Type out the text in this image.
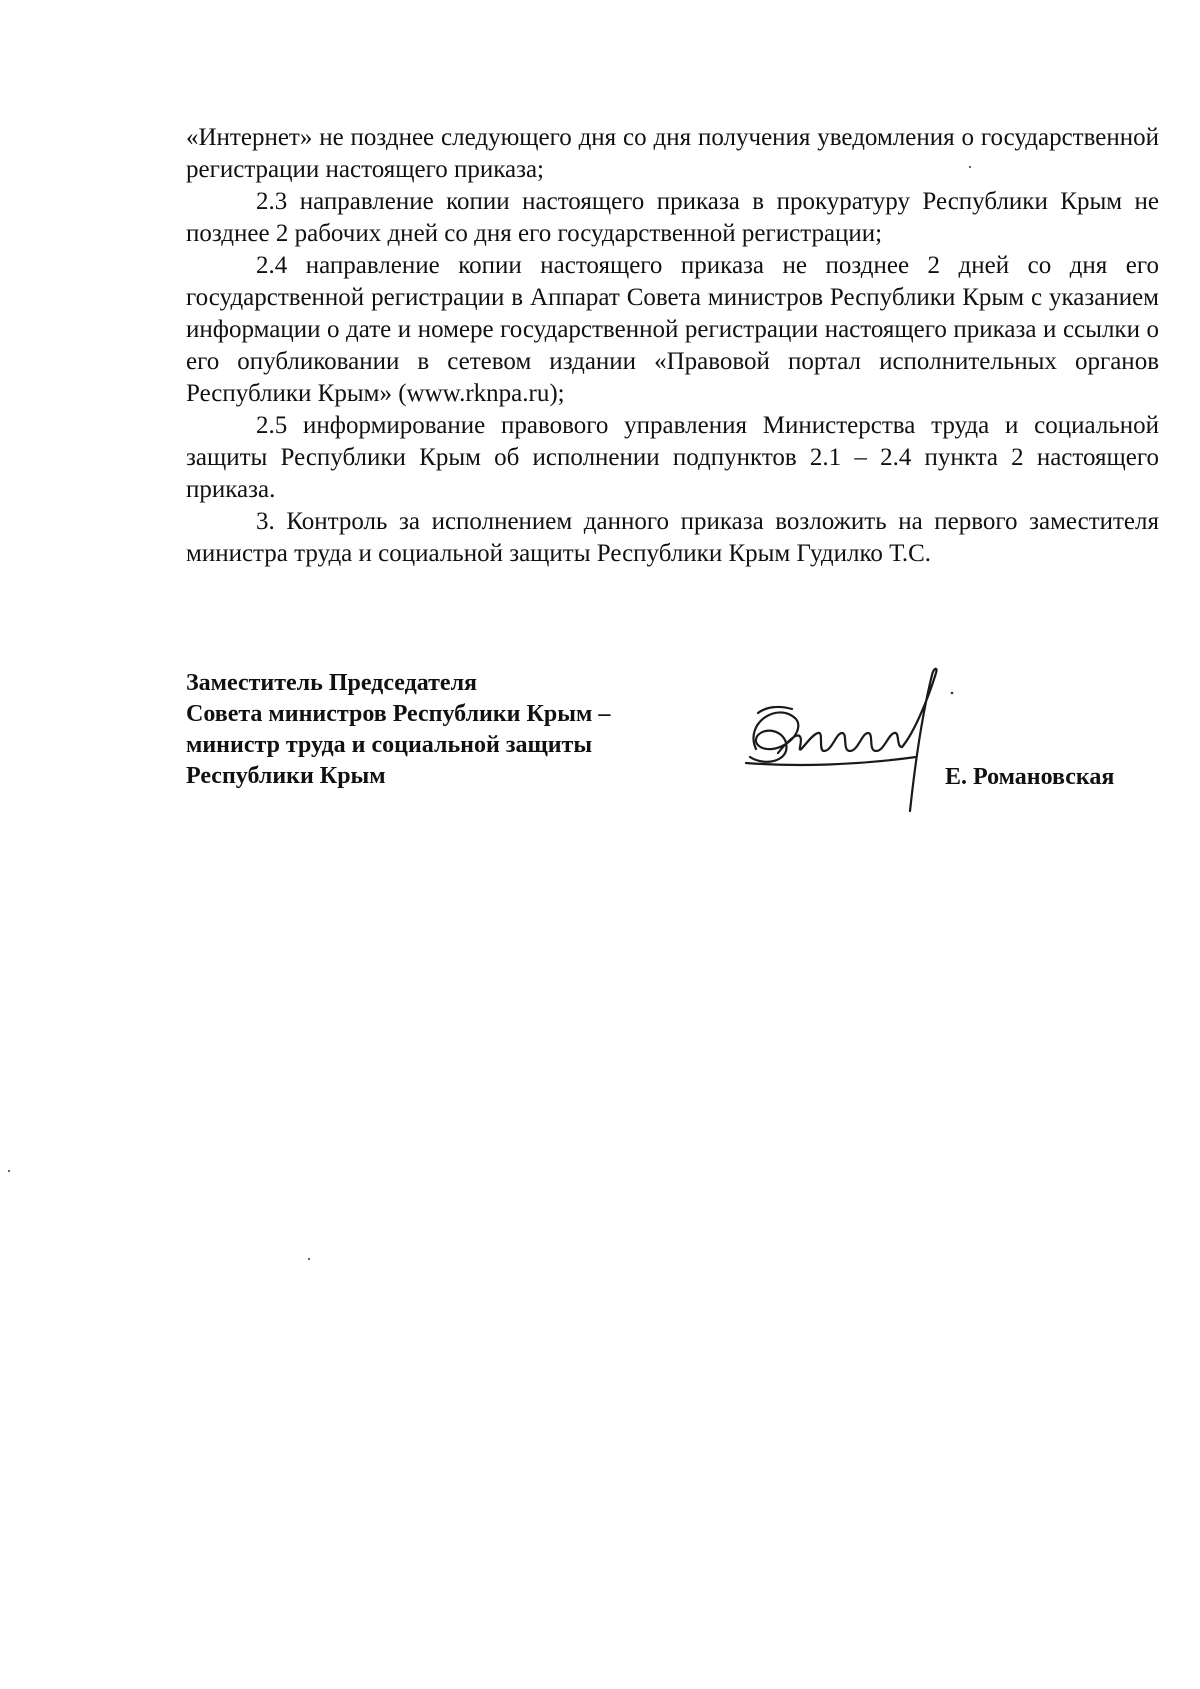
«Интернет» не позднее следующего дня со дня получения уведомления о государственной регистрации настоящего приказа;

2.3 направление копии настоящего приказа в прокуратуру Республики Крым не позднее 2 рабочих дней со дня его государственной регистрации;

2.4 направление копии настоящего приказа не позднее 2 дней со дня его государственной регистрации в Аппарат Совета министров Республики Крым с указанием информации о дате и номере государственной регистрации настоящего приказа и ссылки о его опубликовании в сетевом издании «Правовой портал исполнительных органов Республики Крым» (www.rknpa.ru);

2.5 информирование правового управления Министерства труда и социальной защиты Республики Крым об исполнении подпунктов 2.1 – 2.4 пункта 2 настоящего приказа.

3. Контроль за исполнением данного приказа возложить на первого заместителя министра труда и социальной защиты Республики Крым Гудилко Т.С.

Заместитель Председателя
Совета министров Республики Крым –
министр труда и социальной защиты
Республики Крым	Е. Романовская
